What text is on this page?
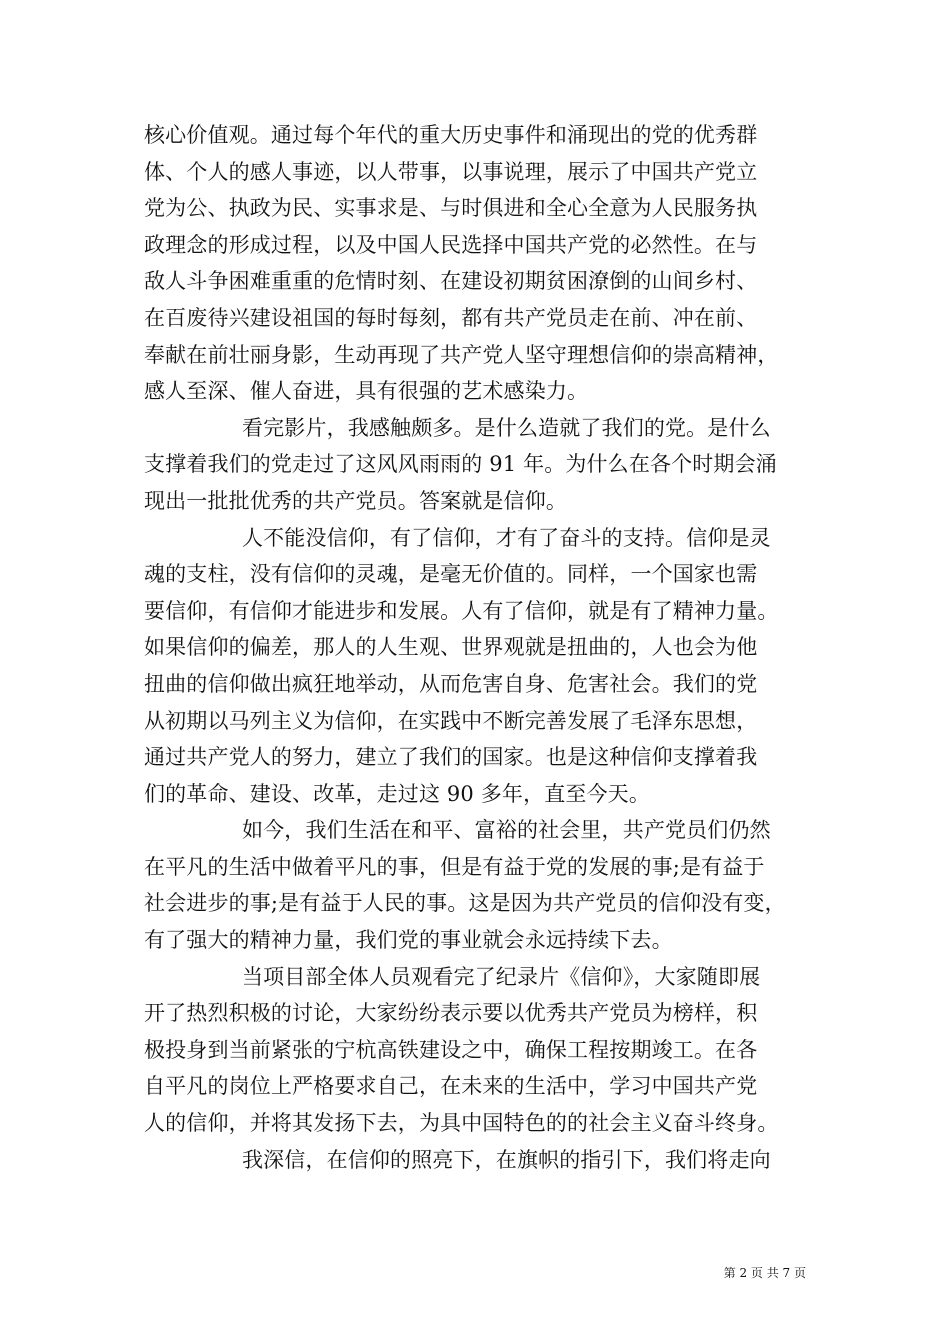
核心价值观。通过每个年代的重大历史事件和涌现出的党的优秀群
体、个人的感人事迹，以人带事，以事说理，展示了中国共产党立
党为公、执政为民、实事求是、与时俱进和全心全意为人民服务执
政理念的形成过程，以及中国人民选择中国共产党的必然性。在与
敌人斗争困难重重的危情时刻、在建设初期贫困潦倒的山间乡村、
在百废待兴建设祖国的每时每刻，都有共产党员走在前、冲在前、
奉献在前壮丽身影，生动再现了共产党人坚守理想信仰的崇高精神，
感人至深、催人奋进，具有很强的艺术感染力。
看完影片，我感触颇多。是什么造就了我们的党。是什么
支撑着我们的党走过了这风风雨雨的 91 年。为什么在各个时期会涌
现出一批批优秀的共产党员。答案就是信仰。
人不能没信仰，有了信仰，才有了奋斗的支持。信仰是灵
魂的支柱，没有信仰的灵魂，是毫无价值的。同样，一个国家也需
要信仰，有信仰才能进步和发展。人有了信仰，就是有了精神力量。
如果信仰的偏差，那人的人生观、世界观就是扭曲的，人也会为他
扭曲的信仰做出疯狂地举动，从而危害自身、危害社会。我们的党
从初期以马列主义为信仰，在实践中不断完善发展了毛泽东思想，
通过共产党人的努力，建立了我们的国家。也是这种信仰支撑着我
们的革命、建设、改革，走过这 90 多年，直至今天。
如今，我们生活在和平、富裕的社会里，共产党员们仍然
在平凡的生活中做着平凡的事，但是有益于党的发展的事;是有益于
社会进步的事;是有益于人民的事。这是因为共产党员的信仰没有变，
有了强大的精神力量，我们党的事业就会永远持续下去。
当项目部全体人员观看完了纪录片《信仰》，大家随即展
开了热烈积极的讨论，大家纷纷表示要以优秀共产党员为榜样，积
极投身到当前紧张的宁杭高铁建设之中，确保工程按期竣工。在各
自平凡的岗位上严格要求自己，在未来的生活中，学习中国共产党
人的信仰，并将其发扬下去，为具中国特色的的社会主义奋斗终身。
我深信，在信仰的照亮下，在旗帜的指引下，我们将走向
第 2 页 共 7 页
